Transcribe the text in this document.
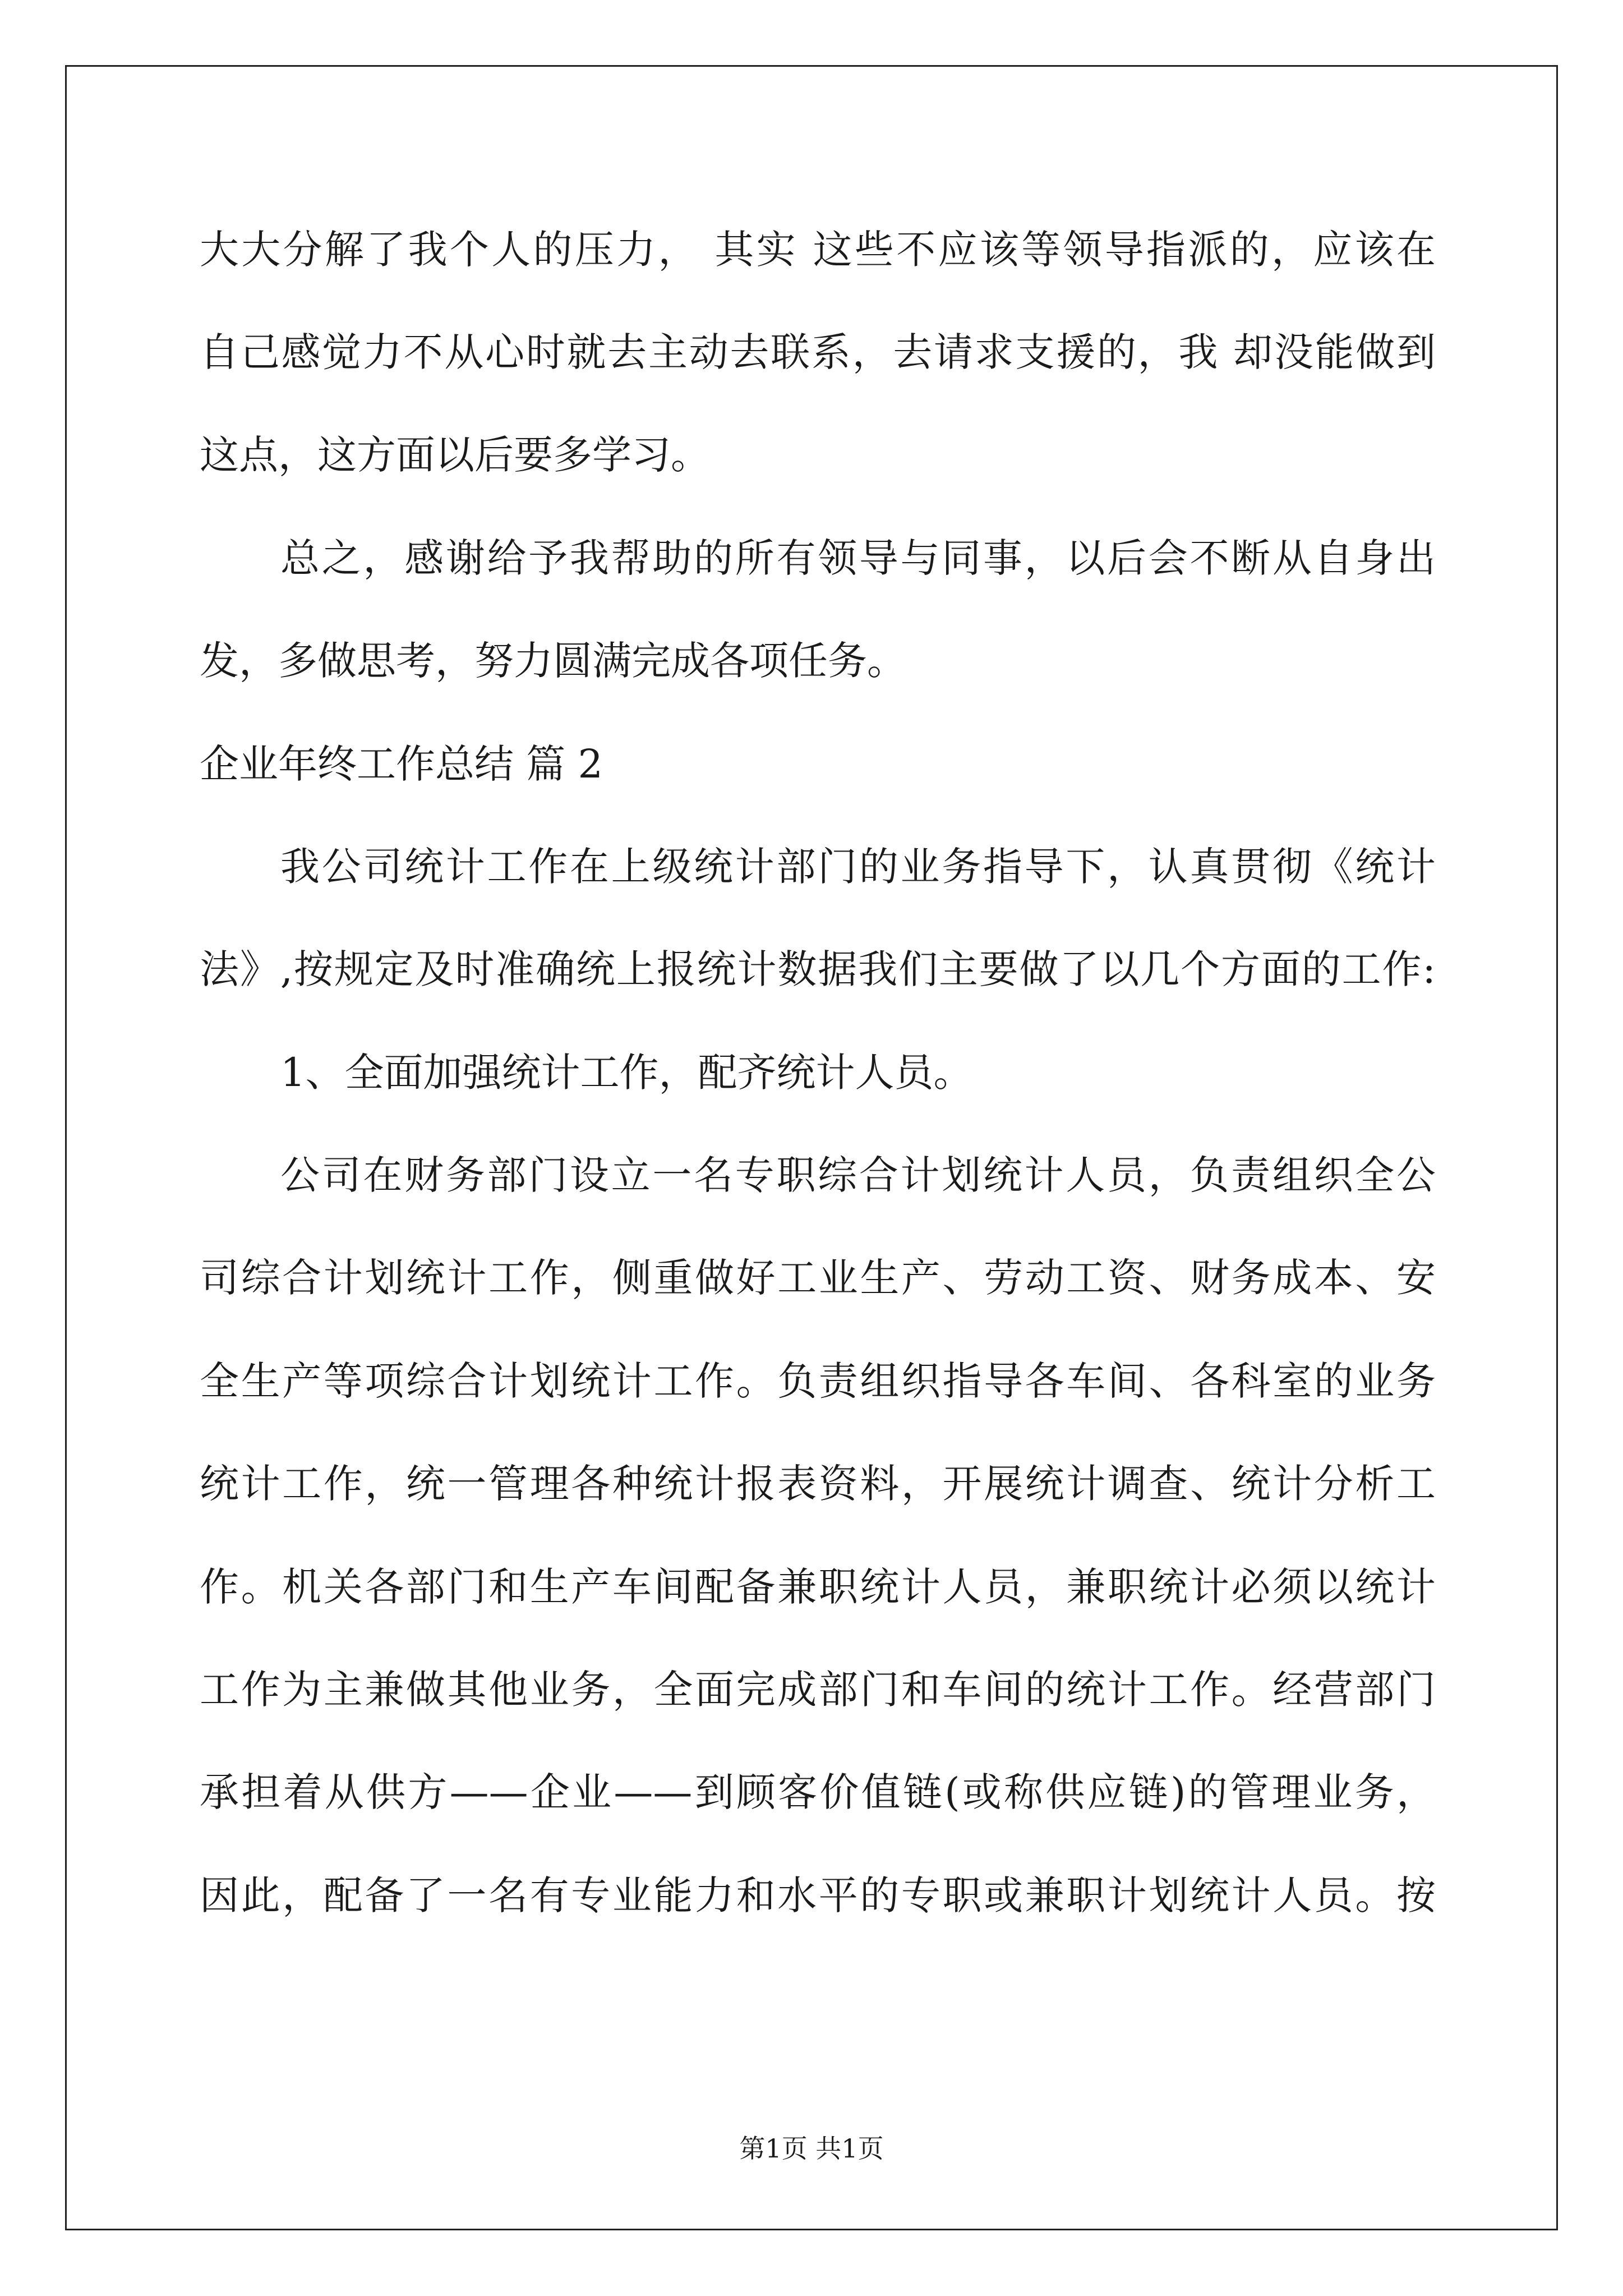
大大分解了我个人的压力， 其实 这些不应该等领导指派的，应该在
自己感觉力不从心时就去主动去联系，去请求支援的，我 却没能做到
这点，这方面以后要多学习。
总之，感谢给予我帮助的所有领导与同事，以后会不断从自身出
发，多做思考，努力圆满完成各项任务。
企业年终工作总结 篇 2
我公司统计工作在上级统计部门的业务指导下，认真贯彻《统计
法》,按规定及时准确统上报统计数据我们主要做了以几个方面的工作:
1、全面加强统计工作，配齐统计人员。
公司在财务部门设立一名专职综合计划统计人员，负责组织全公
司综合计划统计工作，侧重做好工业生产、劳动工资、财务成本、安
全生产等项综合计划统计工作。负责组织指导各车间、各科室的业务
统计工作，统一管理各种统计报表资料，开展统计调查、统计分析工
作。机关各部门和生产车间配备兼职统计人员，兼职统计必须以统计
工作为主兼做其他业务，全面完成部门和车间的统计工作。经营部门
承担着从供方——企业——到顾客价值链(或称供应链)的管理业务，
因此，配备了一名有专业能力和水平的专职或兼职计划统计人员。按
第1页 共1页
